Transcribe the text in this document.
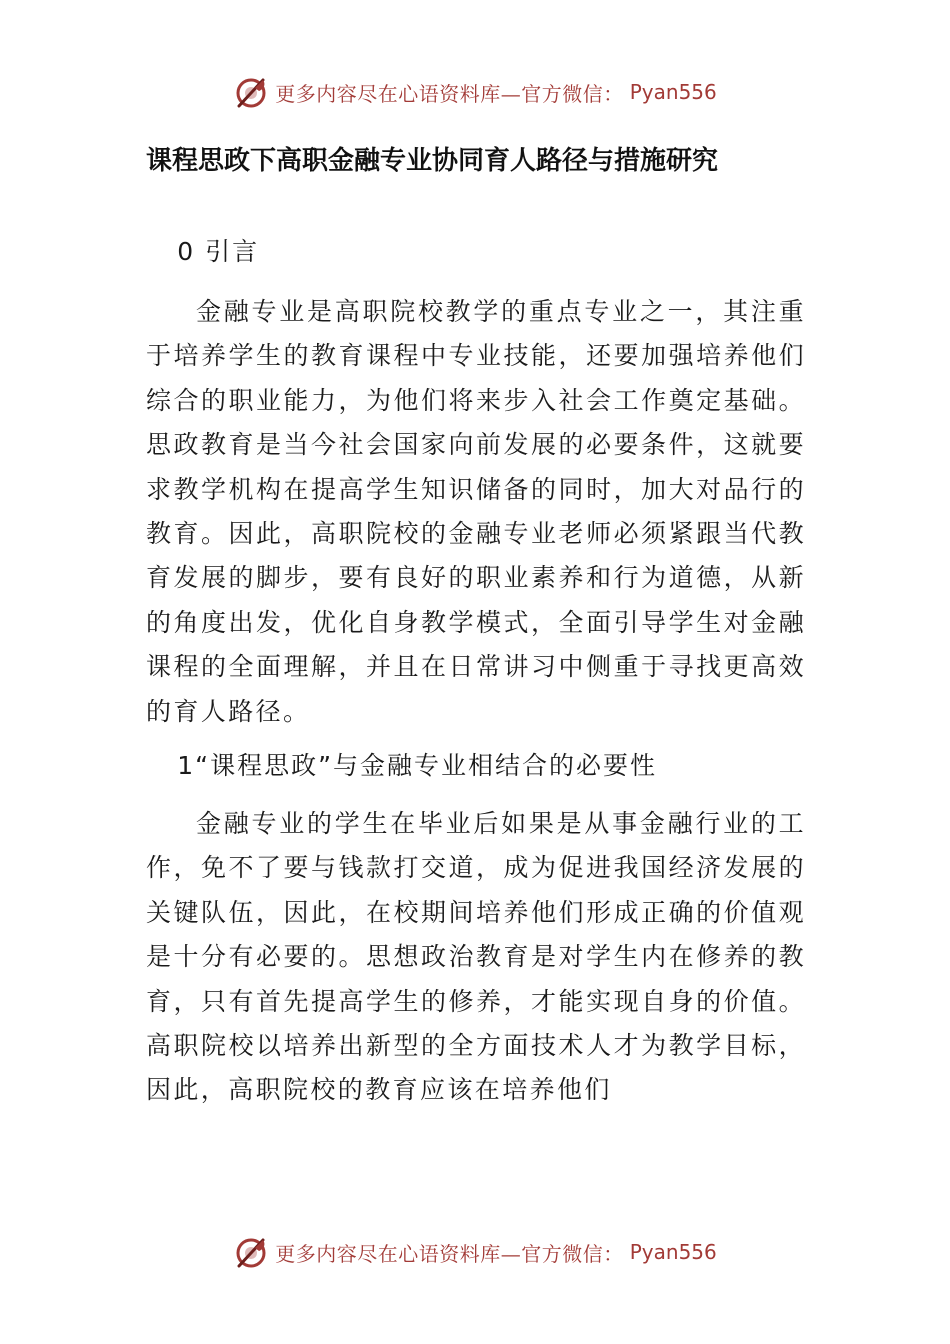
更多内容尽在心语资料库—官方微信： Pyan556
课程思政下高职金融专业协同育人路径与措施研究

0 引言

金融专业是高职院校教学的重点专业之一，其注重于培养学生的教育课程中专业技能，还要加强培养他们综合的职业能力，为他们将来步入社会工作奠定基础。思政教育是当今社会国家向前发展的必要条件，这就要求教学机构在提高学生知识储备的同时，加大对品行的教育。因此，高职院校的金融专业老师必须紧跟当代教育发展的脚步，要有良好的职业素养和行为道德，从新的角度出发，优化自身教学模式，全面引导学生对金融课程的全面理解，并且在日常讲习中侧重于寻找更高效的育人路径。

1“课程思政”与金融专业相结合的必要性

金融专业的学生在毕业后如果是从事金融行业的工作，免不了要与钱款打交道，成为促进我国经济发展的关键队伍，因此，在校期间培养他们形成正确的价值观是十分有必要的。思想政治教育是对学生内在修养的教育，只有首先提高学生的修养，才能实现自身的价值。高职院校以培养出新型的全方面技术人才为教学目标，因此，高职院校的教育应该在培养他们

更多内容尽在心语资料库—官方微信： Pyan556
